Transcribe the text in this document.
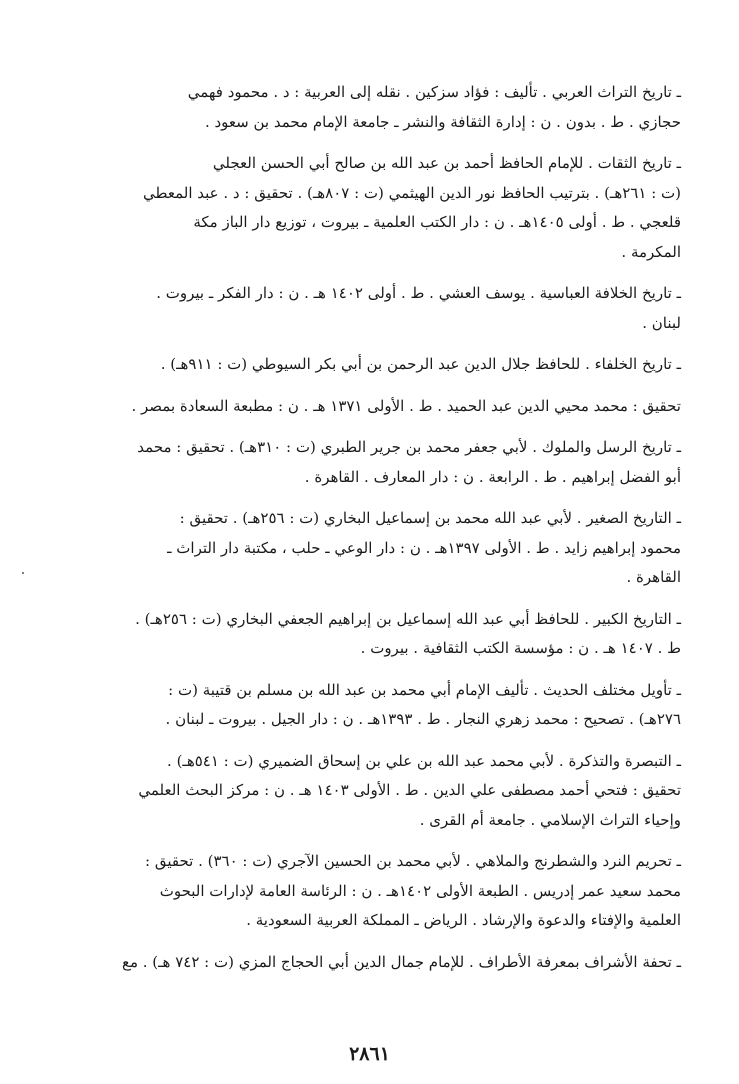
ـ تاريخ التراث العربي . تأليف : فؤاد سزكين . نقله إلى العربية : د . محمود فهمي

حجازي . ط . بدون . ن : إدارة الثقافة والنشر ـ جامعة الإمام محمد بن سعود .

ـ تاريخ الثقات . للإمام الحافظ أحمد بن عبد الله بن صالح أبي الحسن العجلي

(ت : ٢٦١هـ) . بترتيب الحافظ نور الدين الهيثمي (ت : ٨٠٧هـ) . تحقيق : د . عبد المعطي

قلعجي . ط . أولى ١٤٠٥هـ . ن : دار الكتب العلمية ـ بيروت ، توزيع دار الباز مكة

المكرمة .

ـ تاريخ الخلافة العباسية . يوسف العشي . ط . أولى ١٤٠٢ هـ . ن : دار الفكر ـ بيروت .

لبنان .

ـ تاريخ الخلفاء . للحافظ جلال الدين عبد الرحمن بن أبي بكر السيوطي (ت : ٩١١هـ) .

تحقيق : محمد محيي الدين عبد الحميد . ط . الأولى ١٣٧١ هـ . ن : مطبعة السعادة بمصر .

ـ تاريخ الرسل والملوك . لأبي جعفر محمد بن جرير الطبري (ت : ٣١٠هـ) . تحقيق : محمد

أبو الفضل إبراهيم . ط . الرابعة . ن : دار المعارف . القاهرة .

ـ التاريخ الصغير . لأبي عبد الله محمد بن إسماعيل البخاري (ت : ٢٥٦هـ) . تحقيق :

محمود إبراهيم زايد . ط . الأولى ١٣٩٧هـ . ن : دار الوعي ـ حلب ، مكتبة دار التراث ـ

القاهرة .

ـ التاريخ الكبير . للحافظ أبي عبد الله إسماعيل بن إبراهيم الجعفي البخاري (ت : ٢٥٦هـ) .

ط . ١٤٠٧ هـ . ن : مؤسسة الكتب الثقافية . بيروت .

ـ تأويل مختلف الحديث . تأليف الإمام أبي محمد بن عبد الله بن مسلم بن قتيبة (ت :

٢٧٦هـ) . تصحيح : محمد زهري النجار . ط . ١٣٩٣هـ . ن : دار الجيل . بيروت ـ لبنان .

ـ التبصرة والتذكرة . لأبي محمد عبد الله بن علي بن إسحاق الضميري (ت : ٥٤١هـ) .

تحقيق : فتحي أحمد مصطفى علي الدين . ط . الأولى ١٤٠٣ هـ . ن : مركز البحث العلمي

وإحياء التراث الإسلامي . جامعة أم القرى .

ـ تحريم النرد والشطرنج والملاهي . لأبي محمد بن الحسين الآجري (ت : ٣٦٠) . تحقيق :

محمد سعيد عمر إدريس . الطبعة الأولى ١٤٠٢هـ . ن : الرئاسة العامة لإدارات البحوث

العلمية والإفتاء والدعوة والإرشاد . الرياض ـ المملكة العربية السعودية .

ـ تحفة الأشراف بمعرفة الأطراف . للإمام جمال الدين أبي الحجاج المزي (ت : ٧٤٢ هـ) . مع

٢٨٦١
